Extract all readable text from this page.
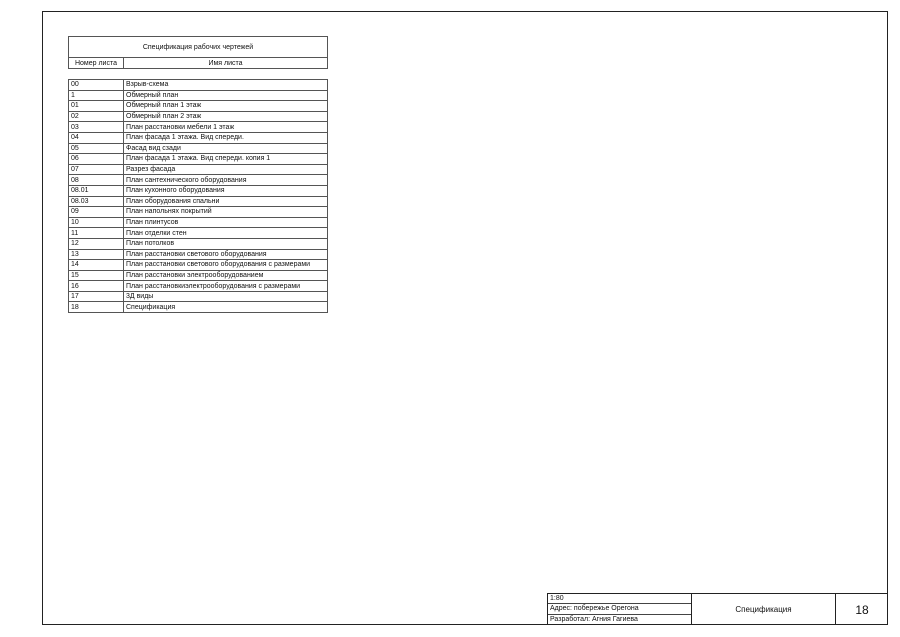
Спецификация рабочих чертежей
Номер листа	Имя листа
00	Взрыв-схема
1	Обмерный план
01	Обмерный план 1 этаж
02	Обмерный план 2 этаж
03	План расстановки мебели 1 этаж
04	План фасада 1 этажа. Вид спереди.
05	Фасад вид сзади
06	План фасада 1 этажа. Вид спереди. копия 1
07	Разрез фасада
08	План сантехнического оборудования
08.01	План кухонного оборудования
08.03	План оборудования спальни
09	План напольнях покрытий
10	План плинтусов
11	План отделки стен
12	План потолков
13	План расстановки светового оборудования
14	План расстановки светового оборудования с размерами
15	План расстановки электрооборудованием
16	План расстановкиэлектрооборудования с размерами
17	3Д виды
18	Спецификация
1:80
Адрес: побережье Орегона
Разработал: Агния Гагиева
Спецификация	18
